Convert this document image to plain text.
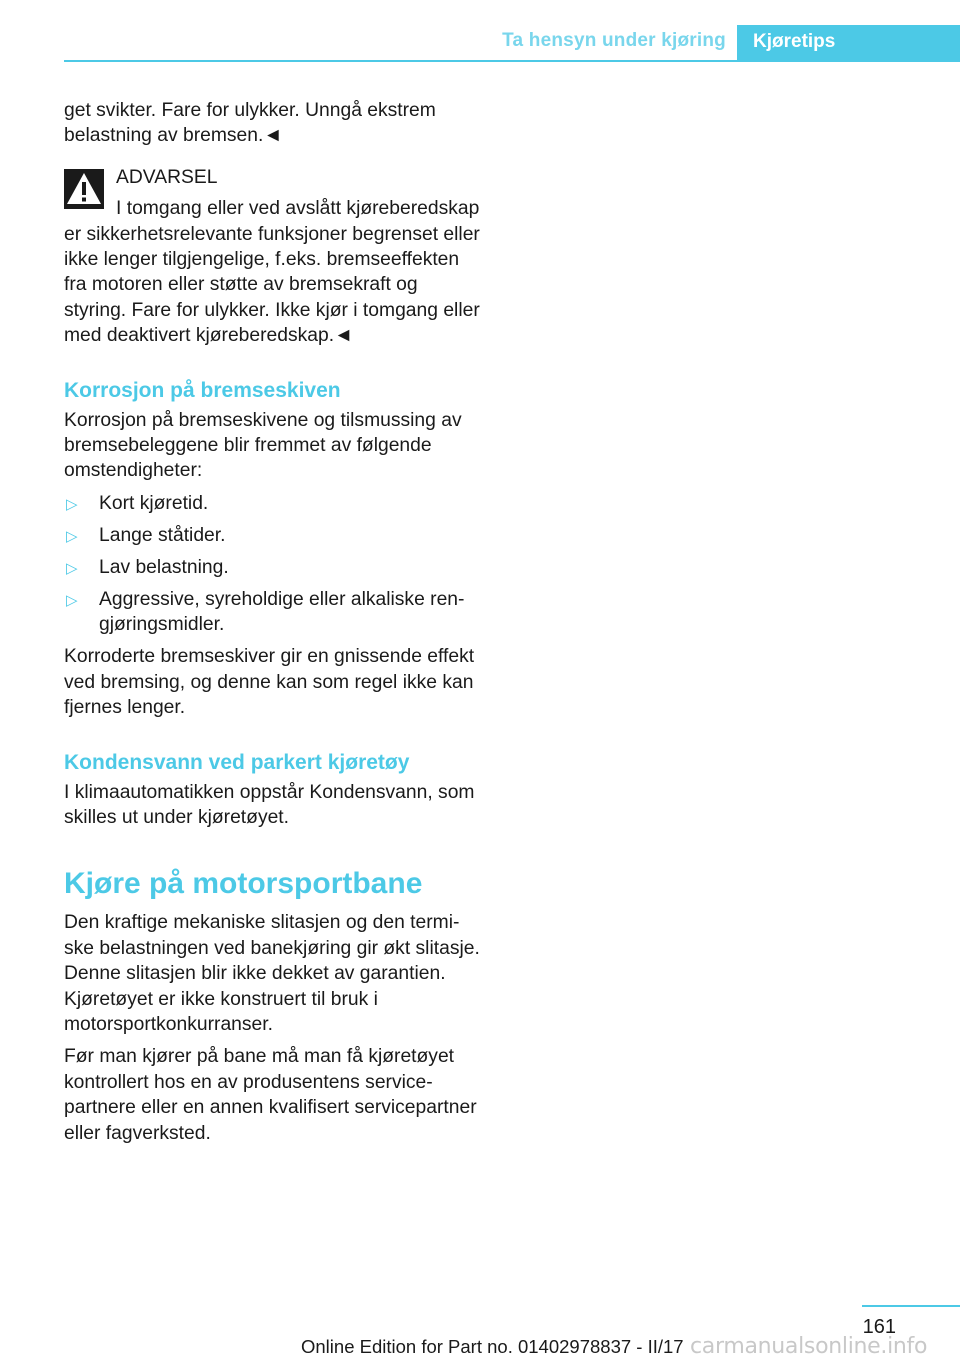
Ta hensyn under kjøring	Kjøretips

get svikter. Fare for ulykker. Unngå ekstrem belastning av bremsen.◄

ADVARSEL

I tomgang eller ved avslått kjøreberedskap er sikkerhetsrelevante funksjoner begrenset eller ikke lenger tilgjengelige, f.eks. bremseeffekten fra motoren eller støtte av bremsekraft og styring. Fare for ulykker. Ikke kjør i tomgang eller med deaktivert kjøreberedskap.◄

Korrosjon på bremseskiven

Korrosjon på bremseskivene og tilsmussing av bremsebeleggene blir fremmet av følgende omstendigheter:

▷ Kort kjøretid.
▷ Lange ståtider.
▷ Lav belastning.
▷ Aggressive, syreholdige eller alkaliske rengjøringsmidler.

Korroderte bremseskiver gir en gnissende effekt ved bremsing, og denne kan som regel ikke kan fjernes lenger.

Kondensvann ved parkert kjøretøy

I klimaautomatikken oppstår Kondensvann, som skilles ut under kjøretøyet.

Kjøre på motorsportbane

Den kraftige mekaniske slitasjen og den termiske belastningen ved banekjøring gir økt slitasje. Denne slitasjen blir ikke dekket av garantien. Kjøretøyet er ikke konstruert til bruk i motorsportkonkurranser.

Før man kjører på bane må man få kjøretøyet kontrollert hos en av produsentens servicepartnere eller en annen kvalifisert servicepartner eller fagverksted.

161
Online Edition for Part no. 01402978837 - II/17 carmanualsonline.info
